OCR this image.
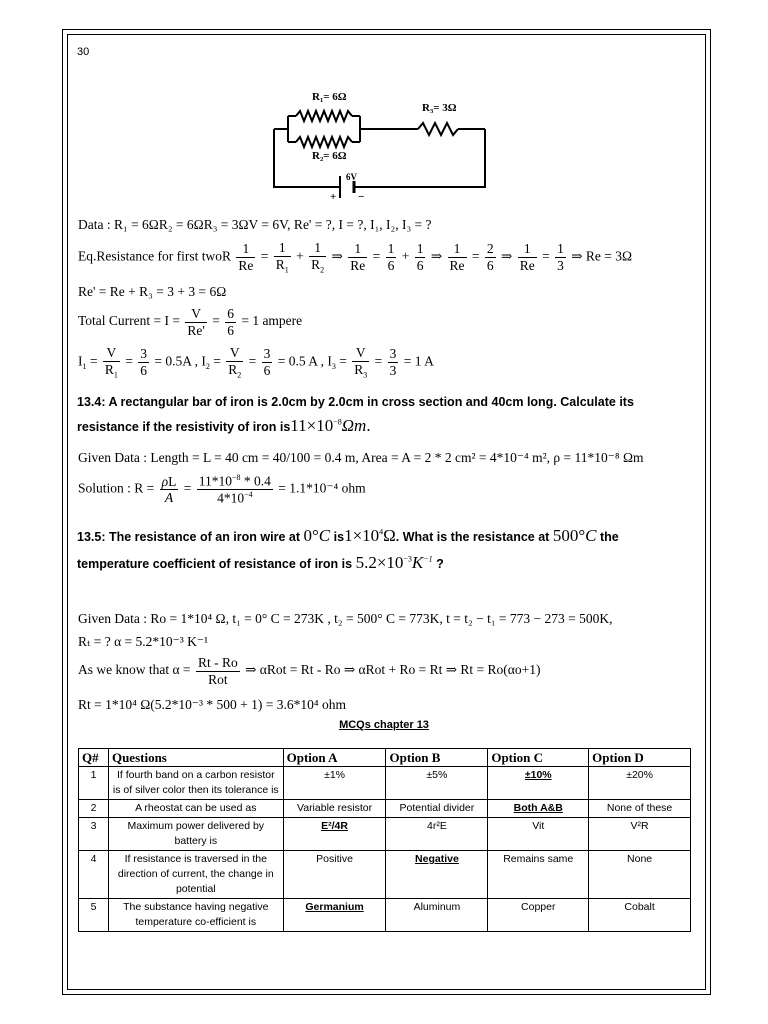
30
R₁= 6Ω
R₂= 6Ω
R₃= 3Ω
6V
+ −
Data : R₁ = 6ΩR₂ = 6ΩR₃ = 3ΩV = 6V, Re' = ?, I = ?, I₁, I₂, I₃ = ?
Eq.Resistance for first twoR $\frac{1}{Re} = \frac{1}{R_1} + \frac{1}{R_2}$ ⇒ $\frac{1}{Re} = \frac{1}{6} + \frac{1}{6}$ ⇒ $\frac{1}{Re} = \frac{2}{6}$ ⇒ $\frac{1}{Re} = \frac{1}{3}$ ⇒ Re = 3Ω
Re' = Re + R₃ = 3 + 3 = 6Ω
Total Current = $I = \frac{V}{Re'} = \frac{6}{6} = 1$ ampere
$I_1 = \frac{V}{R_1} = \frac{3}{6} = 0.5A$ , $I_2 = \frac{V}{R_2} = \frac{3}{6} = 0.5$ A , $I_3 = \frac{V}{R_3} = \frac{3}{3} = 1$ A
13.4: A rectangular bar of iron is 2.0cm by 2.0cm in cross section and 40cm long. Calculate its
resistance if the resistivity of iron $is11\times 10^{-8}\Omega m$.
Given Data : Length = L = 40 cm = 40/100 = 0.4 m, Area = A = 2 * 2 cm² = 4*10⁻⁴ m², ρ = 11*10⁻⁸ Ωm
Solution : $R = \frac{\rho L}{A} = \frac{11*10^{-8} * 0.4}{4*10^{-4}} = 1.1*10^{-4}$ ohm
13.5: The resistance of an iron wire at 0°C $is1\times 10^4\Omega$. What is the resistance at 500°C the
temperature coefficient of resistance of iron is $5.2\times 10^{-3}K^{-1}$ ?
Given Data : Ro = 1*10⁴ Ω, t₁ = 0° C = 273K , t₂ = 500° C = 773K, t = t₂ − t₁ = 773 − 273 = 500K,
Rₜ = ? α = 5.2*10⁻³ K⁻¹
As we know that $\alpha = \frac{Rt - Ro}{\text{Rot}}$ ⇒ αRot = Rt - Ro ⇒ αRot + Ro = Rt ⇒ Rt = Ro(αo+1)
Rt = 1*10⁴ Ω(5.2*10⁻³ * 500 + 1) = 3.6*10⁴ ohm
MCQs chapter 13
Q#	Questions	Option A	Option B	Option C	Option D
1	If fourth band on a carbon resistor is of silver color then its tolerance is	±1%	±5%	±10%	±20%
2	A rheostat can be used as	Variable resistor	Potential divider	Both A&B	None of these
3	Maximum power delivered by battery is	E²/4R	4r²E	Vit	V²R
4	If resistance is traversed in the direction of current, the change in potential	Positive	Negative	Remains same	None
5	The substance having negative temperature co-efficient is	Germanium	Aluminum	Copper	Cobalt
